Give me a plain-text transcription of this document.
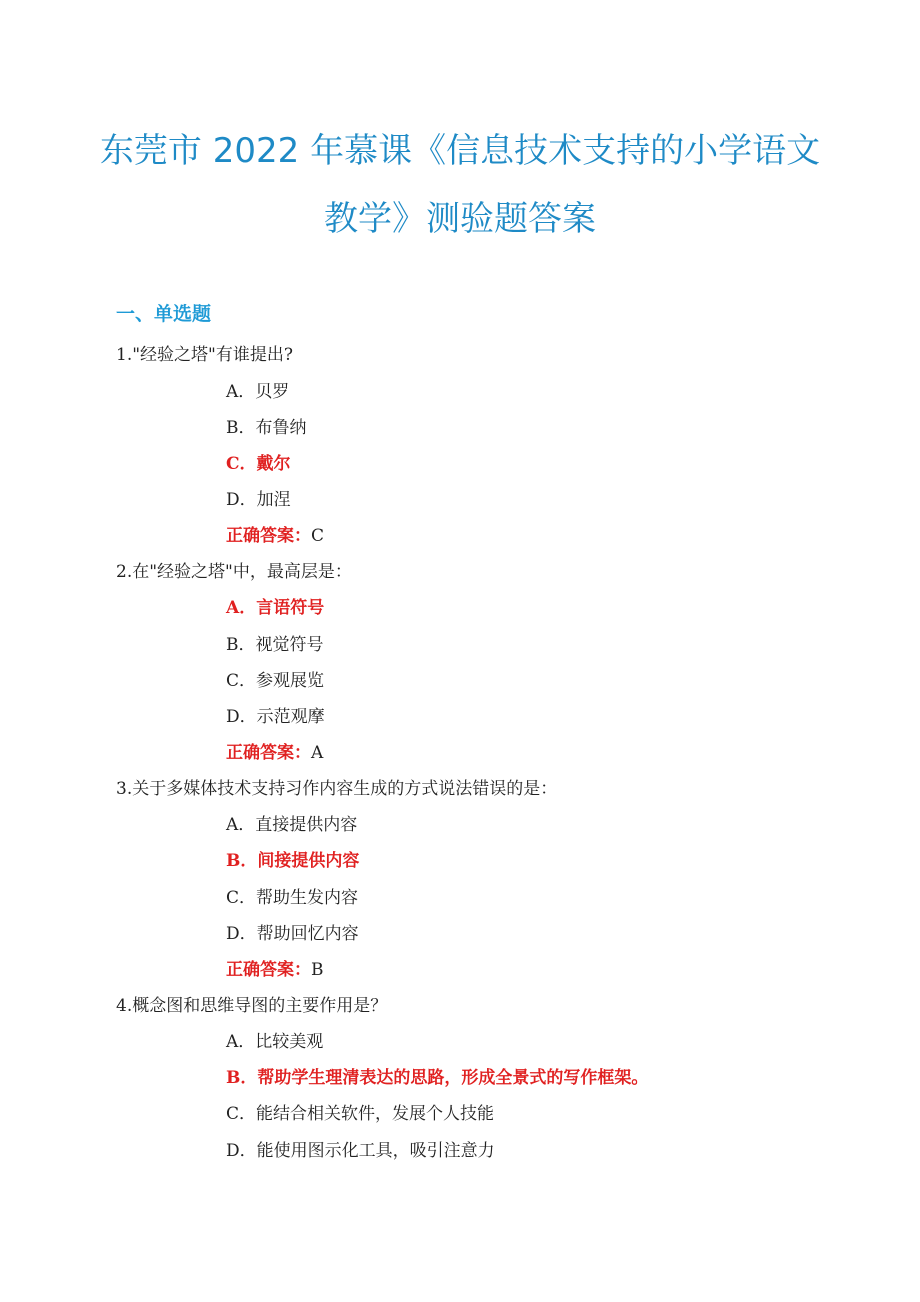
东莞市 2022 年慕课《信息技术支持的小学语文
教学》测验题答案
一、单选题
1."经验之塔"有谁提出?
A．贝罗
B．布鲁纳
C．戴尔
D．加涅
正确答案：C
2.在"经验之塔"中，最高层是：
A．言语符号
B．视觉符号
C．参观展览
D．示范观摩
正确答案：A
3.关于多媒体技术支持习作内容生成的方式说法错误的是：
A．直接提供内容
B．间接提供内容
C．帮助生发内容
D．帮助回忆内容
正确答案：B
4.概念图和思维导图的主要作用是？
A．比较美观
B．帮助学生理清表达的思路，形成全景式的写作框架。
C．能结合相关软件，发展个人技能
D．能使用图示化工具，吸引注意力
